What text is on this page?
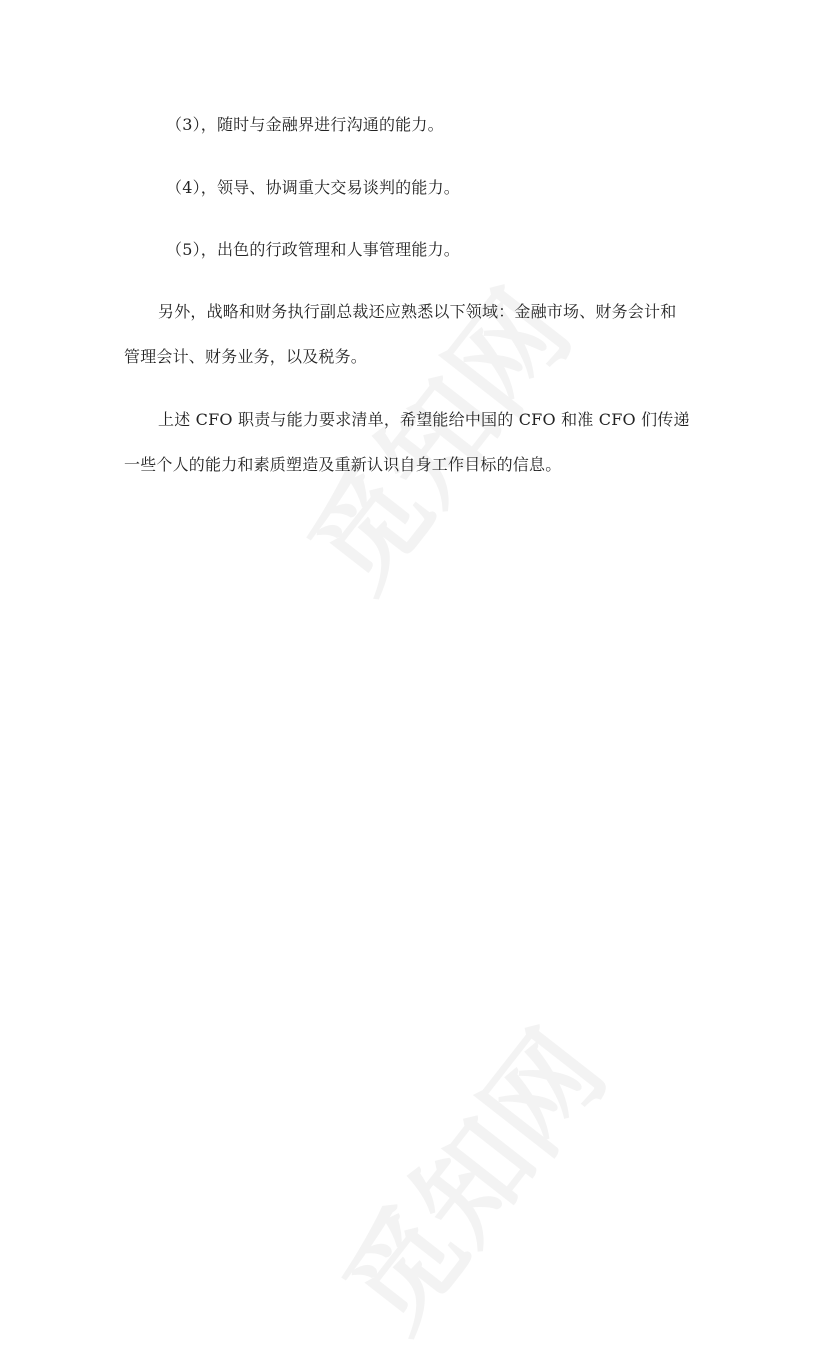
（3），随时与金融界进行沟通的能力。
（4），领导、协调重大交易谈判的能力。
（5），出色的行政管理和人事管理能力。
另外，战略和财务执行副总裁还应熟悉以下领域：金融市场、财务会计和
管理会计、财务业务，以及税务。
上述 CFO 职责与能力要求清单，希望能给中国的 CFO 和准 CFO 们传递
一些个人的能力和素质塑造及重新认识自身工作目标的信息。
